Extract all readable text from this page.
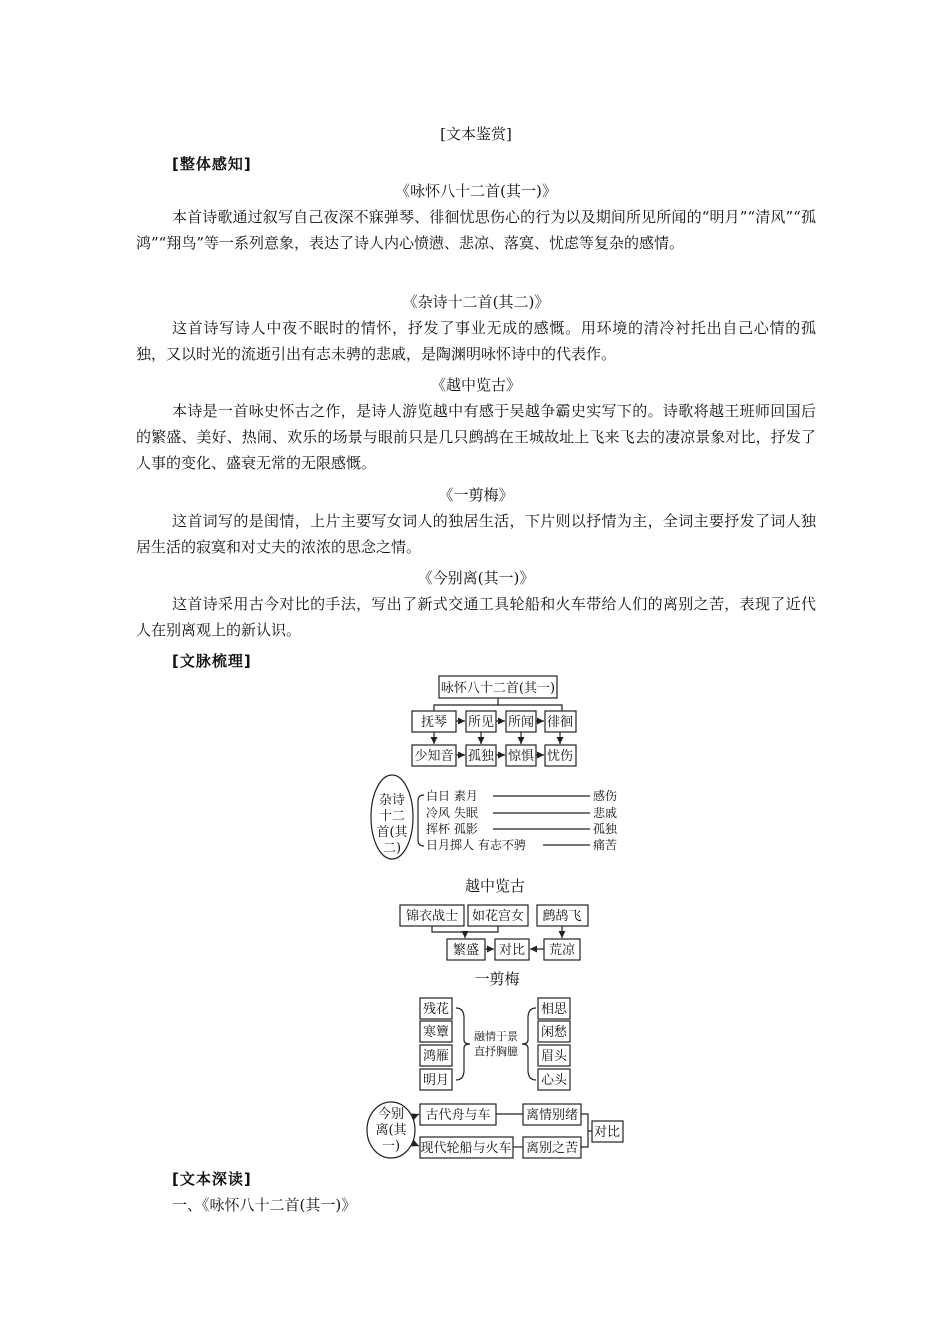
[文本鉴赏]
[整体感知]
《咏怀八十二首(其一)》
本首诗歌通过叙写自己夜深不寐弹琴、徘徊忧思伤心的行为以及期间所见所闻的“明月”“清风”“孤鸿”“翔鸟”等一系列意象，表达了诗人内心愤懑、悲凉、落寞、忧虑等复杂的感情。
《杂诗十二首(其二)》
这首诗写诗人中夜不眠时的情怀，抒发了事业无成的感慨。用环境的清冷衬托出自己心情的孤独，又以时光的流逝引出有志未骋的悲戚，是陶渊明咏怀诗中的代表作。
《越中览古》
本诗是一首咏史怀古之作，是诗人游览越中有感于吴越争霸史实写下的。诗歌将越王班师回国后的繁盛、美好、热闹、欢乐的场景与眼前只是几只鹧鸪在王城故址上飞来飞去的凄凉景象对比，抒发了人事的变化、盛衰无常的无限感慨。
《一剪梅》
这首词写的是闺情，上片主要写女词人的独居生活，下片则以抒情为主，全词主要抒发了词人独居生活的寂寞和对丈夫的浓浓的思念之情。
《今别离(其一)》
这首诗采用古今对比的手法，写出了新式交通工具轮船和火车带给人们的离别之苦，表现了近代人在别离观上的新认识。
[文脉梳理]
咏怀八十二首(其一)
抚琴 所见 所闻 徘徊
少知音 孤独 惊惧 忧伤
杂诗
十二
首(其
二)
白日 素月	感伤
冷风 失眠	悲戚
挥杯 孤影	孤独
日月掷人 有志不骋	痛苦
越中览古
锦衣战士 如花宫女 鹧鸪飞
繁盛 对比 荒凉
一剪梅
残花
寒簟
鸿雁
明月
融情于景
直抒胸臆
相思
闲愁
眉头
心头
今别
离(其
一)
古代舟与车	离情别绪
现代轮船与火车 离别之苦
对比
[文本深读]
一、《咏怀八十二首(其一)》
